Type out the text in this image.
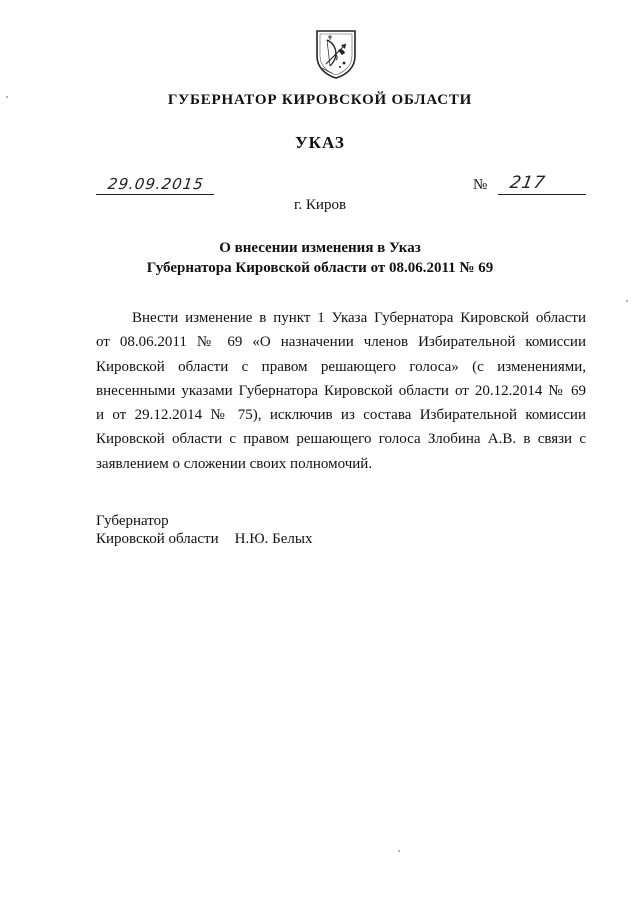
ГУБЕРНАТОР КИРОВСКОЙ ОБЛАСТИ
УКАЗ
29.09.2015	№ 217
г. Киров
О внесении изменения в Указ
Губернатора Кировской области от 08.06.2011 № 69
Внести изменение в пункт 1 Указа Губернатора Кировской области
от 08.06.2011 № 69 «О назначении членов Избирательной комиссии
Кировской области с правом решающего голоса» (с изменениями,
внесенными указами Губернатора Кировской области от 20.12.2014 № 69
и от 29.12.2014 № 75), исключив из состава Избирательной комиссии
Кировской области с правом решающего голоса Злобина А.В. в связи с
заявлением о сложении своих полномочий.
Губернатор
Кировской области Н.Ю. Белых
